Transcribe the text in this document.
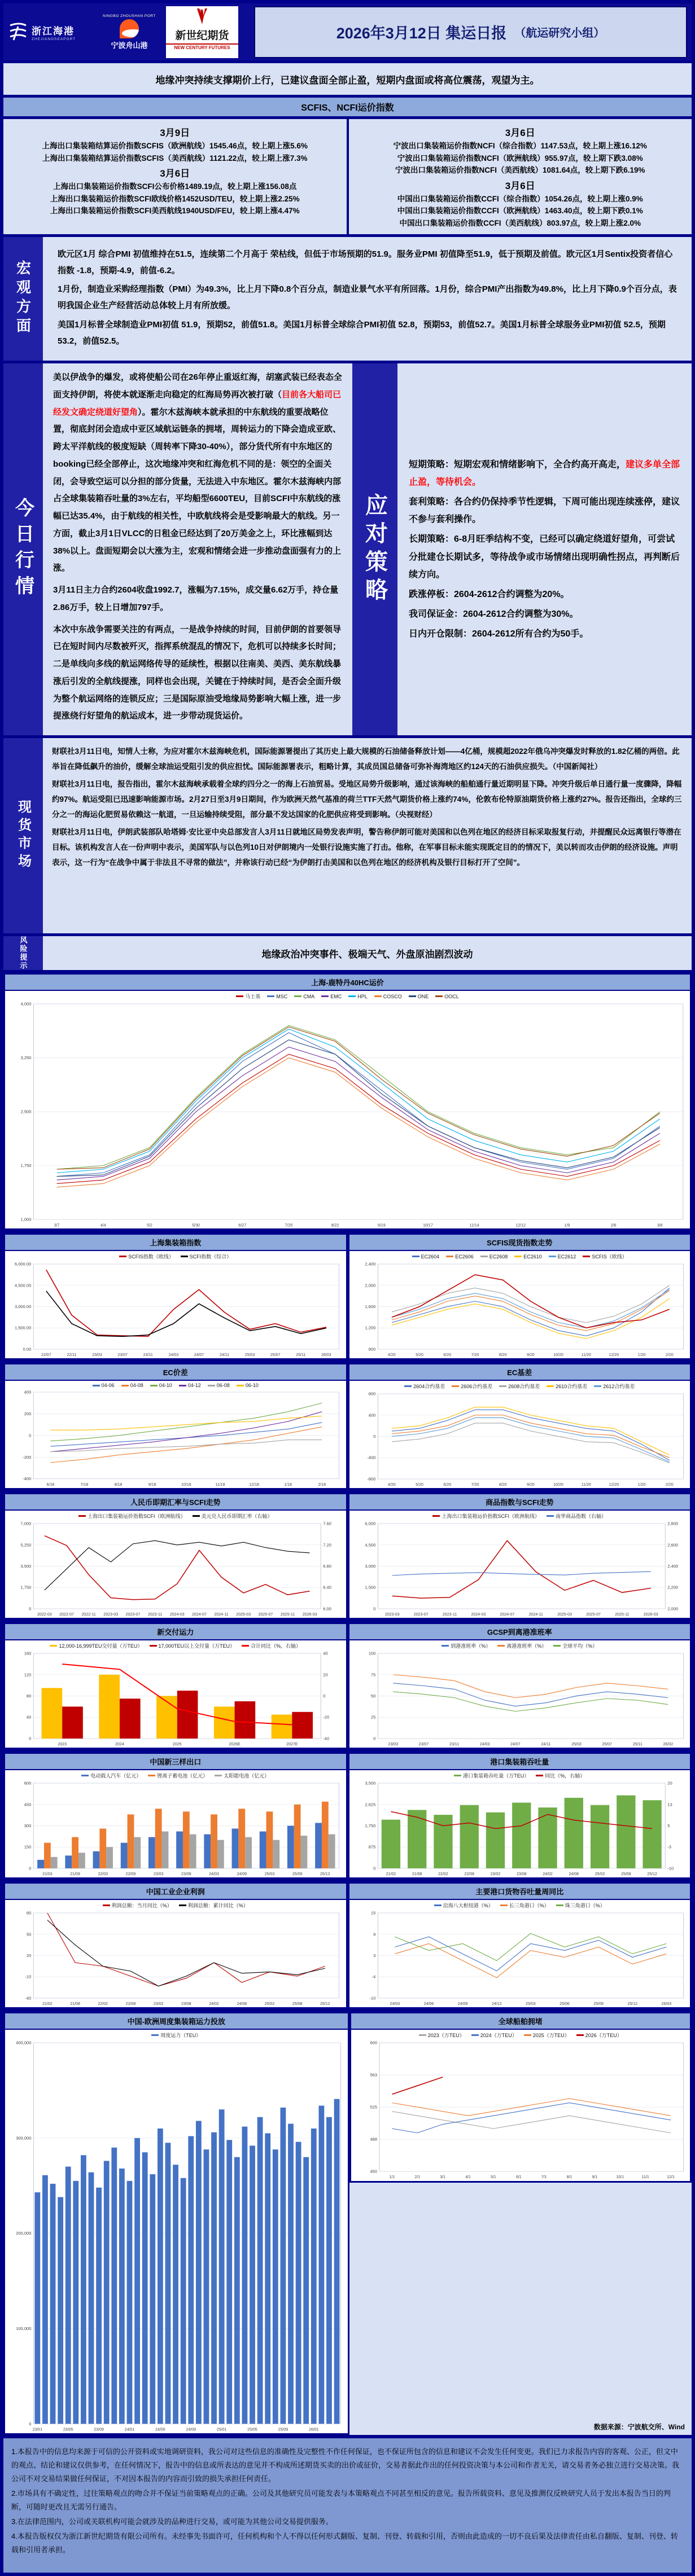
浙江海港
ZHEJIANGSEAPORT
NINGBO ZHOUSHAN PORT
宁波舟山港
新世纪期货
NEW CENTURY FUTURES
2026年3月12日 集运日报 （航运研究小组）
地缘冲突持续支撑期价上行，已建议盘面全部止盈，短期内盘面或将高位震荡，观望为主。
SCFIS、NCFI运价指数
3月9日
上海出口集装箱结算运价指数SCFIS（欧洲航线）1545.46点，较上期上涨5.6%
上海出口集装箱结算运价指数SCFIS（美西航线）1121.22点，较上期上涨7.3%
3月6日
上海出口集装箱运价指数SCFI公布价格1489.19点，较上期上涨156.08点
上海出口集装箱运价指数SCFI欧线价格1452USD/TEU，较上期上涨2.25%
上海出口集装箱运价指数SCFI美西航线1940USD/FEU，较上期上涨4.47%
3月6日
宁波出口集装箱运价指数NCFI（综合指数）1147.53点，较上期上涨16.12%
宁波出口集装箱运价指数NCFI（欧洲航线）955.97点，较上期下跌3.08%
宁波出口集装箱运价指数NCFI（美西航线）1081.64点，较上期下跌6.19%
3月6日
中国出口集装箱运价指数CCFI（综合指数）1054.26点，较上期上涨0.9%
中国出口集装箱运价指数CCFI（欧洲航线）1463.40点，较上期下跌0.1%
中国出口集装箱运价指数CCFI（美西航线）803.97点，较上期上涨2.0%
宏观方面

欧元区1月 综合PMI 初值维持在51.5，连续第二个月高于 荣枯线，但低于市场预期的51.9。服务业PMI 初值降至51.9，低于预期及前值。欧元区1月Sentix投资者信心指数 -1.8，预期-4.9，前值-6.2。

1月份，制造业采购经理指数（PMI）为49.3%，比上月下降0.8个百分点，制造业景气水平有所回落。1月份，综合PMI产出指数为49.8%，比上月下降0.9个百分点，表明我国企业生产经营活动总体较上月有所放缓。

美国1月标普全球制造业PMI初值 51.9，预期52，前值51.8。美国1月标普全球综合PMI初值 52.8，预期53，前值52.7。美国1月标普全球服务业PMI初值 52.5，预期53.2，前值52.5。

今日行情

美以伊战争的爆发，或将使船公司在26年停止重返红海，胡塞武装已经表态全面支持伊朗，将使本就逐渐走向稳定的红海局势再次被打破（目前各大船司已经发文确定绕道好望角）。霍尔木兹海峡本就承担的中东航线的重要战略位置，彻底封闭会造成中亚区域航运链条的拥堵，周转运力的下降会造成亚欧、跨太平洋航线的极度短缺（周转率下降30-40%），部分货代所有中东地区的booking已经全部停止，这次地缘冲突和红海危机不同的是：领空的全面关闭，会导致空运可以分担的部分货量，无法进入中东地区。霍尔木兹海峡内部占全球集装箱吞吐量的3%左右，平均船型6600TEU，目前SCFI中东航线的涨幅已达35.4%，由于航线的相关性，中欧航线将会是受影响最大的航线。另一方面，截止3月1日VLCC的日租金已经达到了20万美金之上，环比涨幅到达38%以上。盘面短期会以大涨为主，宏观和情绪会进一步推动盘面强有力的上涨。

3月11日主力合约2604收盘1992.7，涨幅为7.15%，成交量6.62万手，持仓量2.86万手，较上日增加797手。

本次中东战争需要关注的有两点，一是战争持续的时间，目前伊朗的首要领导已在短时间内尽数被歼灭，指挥系统混乱的情况下，危机可以持续多长时间；二是单线向多线的航运网络传导的延续性，根据以往南美、美西、美东航线暴涨后引发的全航线提涨，同样也会出现，关键在于持续时间，是否会全面升级为整个航运网络的连锁反应；三是国际原油受地缘局势影响大幅上涨，进一步提涨绕行好望角的航运成本，进一步带动现货运价。

应对策略

短期策略：短期宏观和情绪影响下，全合约高开高走，建议多单全部止盈，等待机会。

套利策略：各合约仍保持季节性逻辑，下周可能出现连续涨停，建议不参与套利操作。

长期策略：6-8月旺季结构不变，已经可以确定绕道好望角，可尝试分批建仓长期试多，等待战争或市场情绪出现明确性拐点，再判断后续方向。

跌涨停板：2604-2612合约调整为20%。

我司保证金：2604-2612合约调整为30%。

日内开仓限制：2604-2612所有合约为50手。

现货市场

财联社3月11日电，知情人士称，为应对霍尔木兹海峡危机，国际能源署提出了其历史上最大规模的石油储备释放计划——4亿桶，规模超2022年俄乌冲突爆发时释放的1.82亿桶的两倍。此举旨在降低飙升的油价，缓解全球油运受阻引发的供应担忧。国际能源署表示，粗略计算，其成员国总储备可弥补海湾地区约124天的石油供应损失。（中国新闻社）

财联社3月11日电，报告指出，霍尔木兹海峡承载着全球约四分之一的海上石油贸易。受地区局势升级影响，通过该海峡的船舶通行量近期明显下降。冲突升级后单日通行量一度骤降，降幅约97%。航运受阻已迅速影响能源市场。2月27日至3月9日期间，作为欧洲天然气基准的荷兰TTF天然气期货价格上涨约74%，伦敦布伦特原油期货价格上涨约27%。报告还指出，全球约三分之一的海运化肥贸易依赖这一航道，一旦运输持续受阻，部分最不发达国家的化肥供应将受到影响。（央视财经）

财联社3月11日电，伊朗武装部队哈塔姆·安比亚中央总部发言人3月11日就地区局势发表声明，警告称伊朗可能对美国和以色列在地区的经济目标采取报复行动，并提醒民众远离银行等潜在目标。该机构发言人在一份声明中表示，美国军队与以色列10日对伊朗境内一处银行设施实施了打击。他称，在军事目标未能实现既定目的的情况下，美以转而攻击伊朗的经济设施。声明表示，这一行为“在战争中属于非法且不寻常的做法”，并称该行动已经“为伊朗打击美国和以色列在地区的经济机构及银行目标打开了空间”。

风险提示	地缘政治冲突事件、极端天气、外盘原油剧烈波动
上海-鹿特丹40HC运价
马士基	MSC	CMA	EMC	HPL	COSCO	ONE	OOCL
4,000
3,250
2,500
1,750
1,000
3/7	4/4	5/2	5/30	6/27	7/25	8/22	9/19	10/17	11/14	12/12	1/9	2/6	3/6
上海集装箱指数
SCFIS指数（欧线）	SCFI指数（综合）
6,000.00
4,500.00
3,000.00
1,500.00
0.00
22/07	22/11	23/03	23/07	23/11	24/03	24/07	24/11	25/03	25/07	25/11	26/03
SCFIS现货指数走势
EC2604	EC2606	EC2608	EC2610	EC2612	SCFIS（欧线）
2,400
2,000
1,600
1,200
800
4/20	5/20	6/20	7/20	8/20	9/20	10/20	11/20	12/20	1/20	2/20
EC价差
04-06	04-08	04-10	04-12	06-08	06-10
400
200
0
-200
-400
6/18	7/18	8/18	9/18	10/18	11/18	12/18	1/18	2/18
EC基差
2604合约基差	2606合约基差	2608合约基差	2610合约基差	2612合约基差
800
400
0
-400
-800
4/20	5/20	6/20	7/20	8/20	9/20	10/20	11/20	12/20	1/20	2/20
人民币即期汇率与SCFI走势
上海出口集装箱运价指数SCFI（欧洲航线）	美元兑人民币即期汇率（右轴）
7,000	7.60
5,250	7.20
3,500	6.80
1,750	6.40
0	6.00
2022-03 2022-07 2022-11 2023-03 2023-07 2023-11 2024-03 2024-07 2024-11 2025-03 2025-07 2025-11 2026-03
商品指数与SCFI走势
上海出口集装箱运价指数SCFI（欧洲航线）	南华商品指数（右轴）
6,000	2,800
4,500	2,600
3,000	2,400
1,500	2,200
0	2,000
2023-03	2023-07	2023-11	2024-03	2024-07	2024-11	2025-03	2025-07	2025-11	2026-03
新交付运力
12,000-16,999TEU交付量（万TEU）	17,000TEU以上交付量（万TEU）	合计同比（%，右轴）
160	40
120	20
80	0
40	-20
0	-40
2023	2024	2025	2026E	2027E
GCSP到离港准班率
到港准班率（%）	离港准班率（%）	全球平均（%）
100
75
50
25
0
23/03	23/07	23/11	24/03	24/07	24/11	25/03	25/07	25/11	26/02
中国新三样出口
电动载人汽车（亿元）	锂离子蓄电池（亿元）	太阳能电池（亿元）
600
450
300
150
0
21/03	21/09	22/03	22/09	23/03	23/09	24/03	24/09	25/03	25/09	25/12
港口集装箱吞吐量
港口集装箱吞吐量（万TEU）	同比（%，右轴）
3,500	20
2,625	13
1,750	5
875	-3
0	-10
21/02	21/08	22/02	22/08	23/02	23/08	24/02	24/08	25/02	25/08	25/12
中国工业企业利润
利润总额：当月同比（%）	利润总额：累计同比（%）
80
50
20
-10
-40
21/02	21/08	22/02	22/08	23/02	23/08	24/02	24/08	25/02	25/08	25/12
主要港口货物吞吐量周同比
沿海八大枢纽港（%）	长三角港口（%）	珠三角港口（%）
15
9
3
-4
-10
24/03	24/06	24/09	24/12	25/03	25/06	25/09	25/12	26/03
中国-欧洲周度集装箱运力投放
周度运力（TEU）
400,000
300,000
200,000
100,000
0
23/01	23/05	23/09	24/01	24/05	24/09	25/01	25/05	25/09	26/01
全球船舶拥堵
2023（万TEU）	2024（万TEU）	2025（万TEU）	2026（万TEU）
600
563
525
488
450
1/1	2/1	3/1	4/1	5/1	6/1	7/1	8/1	9/1	10/1	11/1	12/1
数据来源：宁波航交所、Wind

1.本报告中的信息均来源于可信的公开资料或实地调研资料，我公司对这些信息的准确性及完整性不作任何保证，也不保证所包含的信息和建议不会发生任何变更。我们已力求报告内容的客观、公正，但文中的观点、结论和建议仅供参考，在任何情况下，报告中的信息或所表达的意见并不构成所述期货买卖的出价或征价，交易者据此作出的任何投资决策与本公司和作者无关，请交易者务必独立进行交易决策。我公司不对交易结果做任何保证，不对因本报告的内容而引致的损失承担任何责任。

2.市场具有不确定性，过往策略观点的吻合并不保证当前策略观点的正确。公司及其他研究员可能发表与本策略观点不同甚至相反的意见。报告所载资料、意见及推测仅反映研究人员于发出本报告当日的判断，可随时更改且无需另行通告。

3.在法律范围内，公司或关联机构可能会就涉及的品种进行交易，或可能为其他公司交易提供服务。

4.本报告版权仅为浙江新世纪期货有限公司所有。未经事先书面许可，任何机构和个人不得以任何形式翻版、复制、刊登、转载和引用，否则由此造成的一切不良后果及法律责任由私自翻版、复制、刊登、转载和引用者承担。
